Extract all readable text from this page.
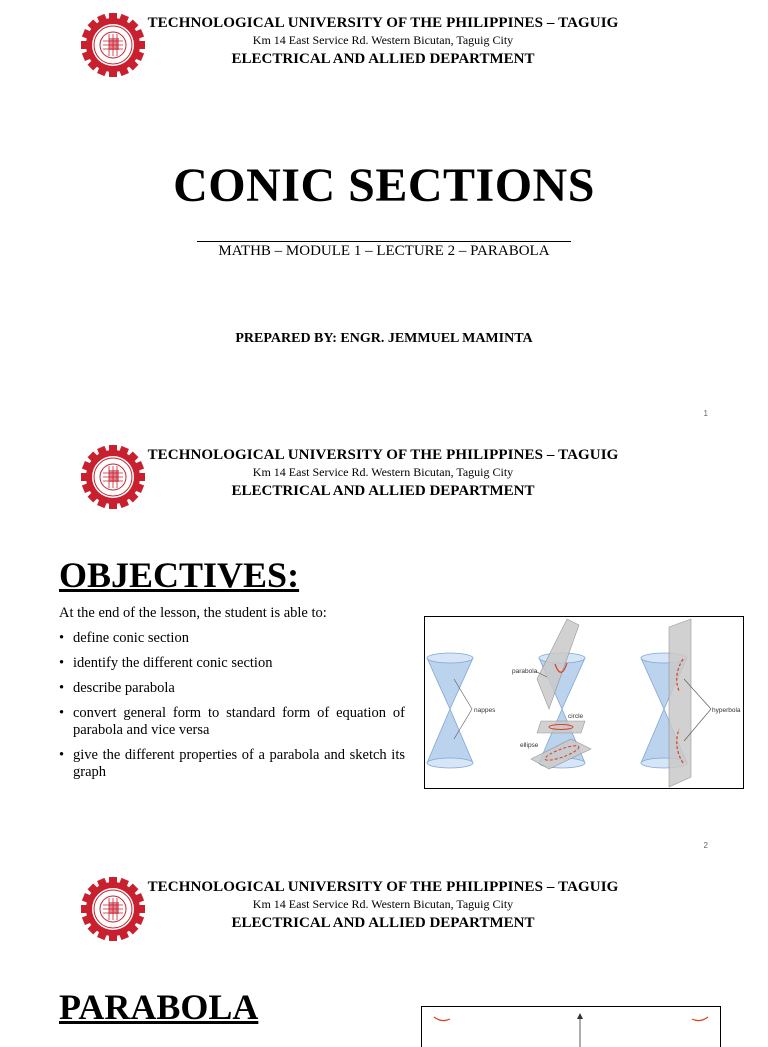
TECHNOLOGICAL UNIVERSITY OF THE PHILIPPINES – TAGUIG
Km 14 East Service Rd. Western Bicutan, Taguig City
ELECTRICAL AND ALLIED DEPARTMENT
CONIC SECTIONS
MATHB – MODULE 1 – LECTURE 2 – PARABOLA
PREPARED BY: ENGR. JEMMUEL MAMINTA
1
TECHNOLOGICAL UNIVERSITY OF THE PHILIPPINES – TAGUIG
Km 14 East Service Rd. Western Bicutan, Taguig City
ELECTRICAL AND ALLIED DEPARTMENT
OBJECTIVES:
At the end of the lesson, the student is able to:
• define conic section
• identify the different conic section
• describe parabola
• convert general form to standard form of equation of parabola and vice versa
• give the different properties of a parabola and sketch its graph
nappes
parabola
circle
ellipse
hyperbola
2
TECHNOLOGICAL UNIVERSITY OF THE PHILIPPINES – TAGUIG
Km 14 East Service Rd. Western Bicutan, Taguig City
ELECTRICAL AND ALLIED DEPARTMENT
PARABOLA
